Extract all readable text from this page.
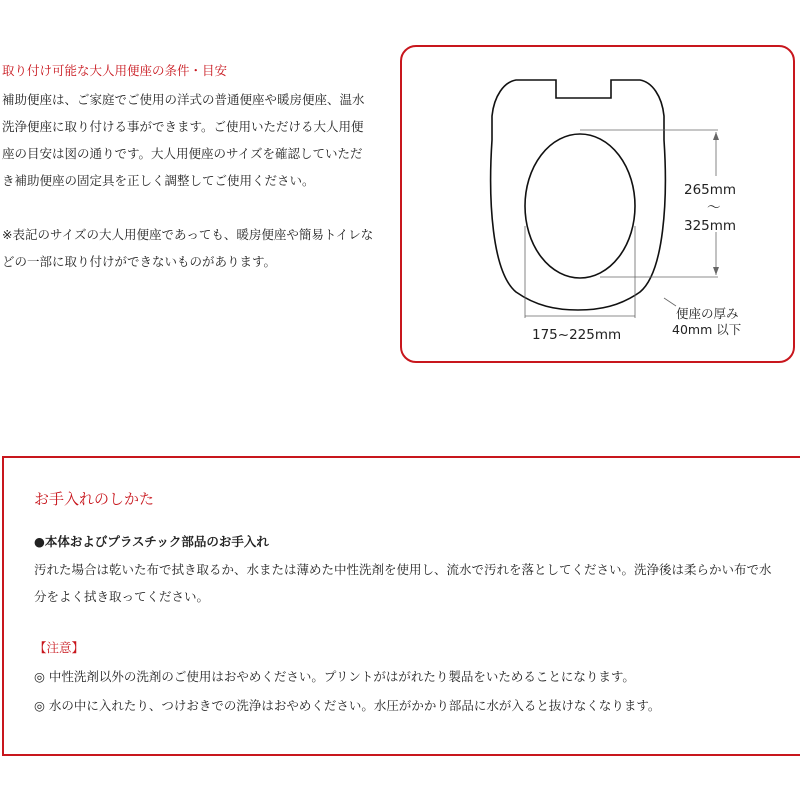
取り付け可能な大人用便座の条件・目安

補助便座は、ご家庭でご使用の洋式の普通便座や暖房便座、温水洗浄便座に取り付ける事ができます。ご使用いただける大人用便座の目安は図の通りです。大人用便座のサイズを確認していただき補助便座の固定具を正しく調整してご使用ください。

※表記のサイズの大人用便座であっても、暖房便座や簡易トイレなどの一部に取り付けができないものがあります。

265mm
～
325mm
175~225mm
便座の厚み
40mm 以下
お手入れのしかた
●本体およびプラスチック部品のお手入れ
汚れた場合は乾いた布で拭き取るか、水または薄めた中性洗剤を使用し、流水で汚れを落としてください。洗浄後は柔らかい布で水分をよく拭き取ってください。
【注意】
◎ 中性洗剤以外の洗剤のご使用はおやめください。プリントがはがれたり製品をいためることになります。
◎ 水の中に入れたり、つけおきでの洗浄はおやめください。水圧がかかり部品に水が入ると抜けなくなります。
